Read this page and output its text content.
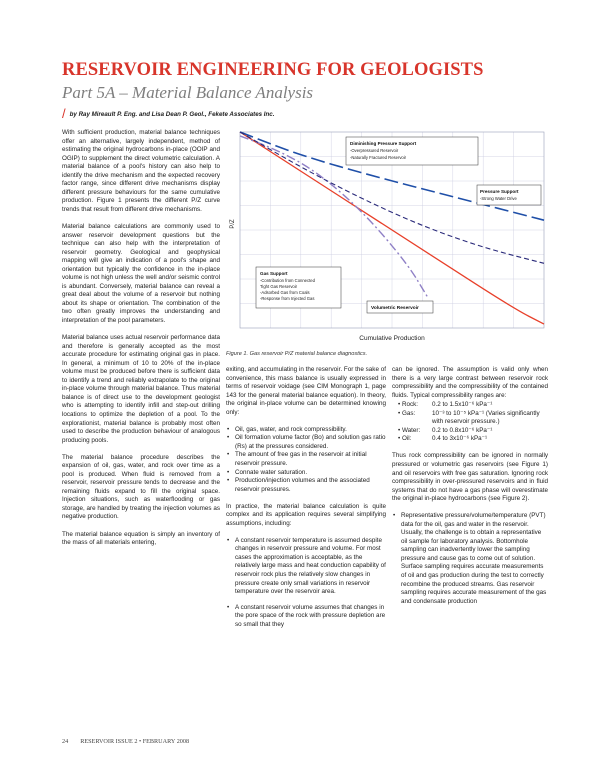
RESERVOIR ENGINEERING FOR GEOLOGISTS
Part 5A – Material Balance Analysis
/ by Ray Mireault P. Eng. and Lisa Dean P. Geol., Fekete Associates Inc.

With sufficient production, material balance techniques offer an alternative, largely independent, method of estimating the original hydrocarbons in-place (OOIP and OGIP) to supplement the direct volumetric calculation. A material balance of a pool's history can also help to identify the drive mechanism and the expected recovery factor range, since different drive mechanisms display different pressure behaviours for the same cumulative production. Figure 1 presents the different P/Z curve trends that result from different drive mechanisms.

Material balance calculations are commonly used to answer reservoir development questions but the technique can also help with the interpretation of reservoir geometry. Geological and geophysical mapping will give an indication of a pool's shape and orientation but typically the confidence in the in-place volume is not high unless the well and/or seismic control is abundant. Conversely, material balance can reveal a great deal about the volume of a reservoir but nothing about its shape or orientation. The combination of the two often greatly improves the understanding and interpretation of the pool parameters.

Material balance uses actual reservoir performance data and therefore is generally accepted as the most accurate procedure for estimating original gas in place. In general, a minimum of 10 to 20% of the in-place volume must be produced before there is sufficient data to identify a trend and reliably extrapolate to the original in-place volume through material balance. Thus material balance is of direct use to the development geologist who is attempting to identify infill and step-out drilling locations to optimize the depletion of a pool. To the explorationist, material balance is probably most often used to describe the production behaviour of analogous producing pools.

The material balance procedure describes the expansion of oil, gas, water, and rock over time as a pool is produced. When fluid is removed from a reservoir, reservoir pressure tends to decrease and the remaining fluids expand to fill the original space. Injection situations, such as waterflooding or gas storage, are handled by treating the injection volumes as negative production.

The material balance equation is simply an inventory of the mass of all materials entering,

P/Z
Cumulative Production
Diminishing Pressure Support
-Overpressured Reservoir
-Naturally Fractured Reservoir
Pressure Support
-Strong Water Drive
Gas Support
-Contribution from Connected
Tight Gas Reservoir
-Adsorbed Gas from Coals
-Response from Injected Gas
Volumetric Reservoir
Figure 1. Gas reservoir P/Z material balance diagnostics.

exiting, and accumulating in the reservoir. For the sake of convenience, this mass balance is usually expressed in terms of reservoir voidage (see CIM Monograph 1, page 143 for the general material balance equation). In theory, the original in-place volume can be determined knowing only:

• Oil, gas, water, and rock compressibility.
• Oil formation volume factor (Bo) and solution gas ratio (Rs) at the pressures considered.
• The amount of free gas in the reservoir at initial reservoir pressure.
• Connate water saturation.
• Production/injection volumes and the associated reservoir pressures.

In practice, the material balance calculation is quite complex and its application requires several simplifying assumptions, including:

• A constant reservoir temperature is assumed despite changes in reservoir pressure and volume. For most cases the approximation is acceptable, as the relatively large mass and heat conduction capability of reservoir rock plus the relatively slow changes in pressure create only small variations in reservoir temperature over the reservoir area.
• A constant reservoir volume assumes that changes in the pore space of the rock with pressure depletion are so small that they

can be ignored. The assumption is valid only when there is a very large contrast between reservoir rock compressibility and the compressibility of the contained fluids. Typical compressibility ranges are:

• Rock:	0.2 to 1.5x10⁻⁶ kPa⁻¹
• Gas:	10⁻³ to 10⁻⁵ kPa⁻¹ (Varies significantly with reservoir pressure.)
• Water:	0.2 to 0.8x10⁻⁶ kPa⁻¹
• Oil:	0.4 to 3x10⁻⁶ kPa⁻¹

Thus rock compressibility can be ignored in normally pressured or volumetric gas reservoirs (see Figure 1) and oil reservoirs with free gas saturation. Ignoring rock compressibility in over-pressured reservoirs and in fluid systems that do not have a gas phase will overestimate the original in-place hydrocarbons (see Figure 2).

• Representative pressure/volume/temperature (PVT) data for the oil, gas and water in the reservoir. Usually, the challenge is to obtain a representative oil sample for laboratory analysis. Bottomhole sampling can inadvertently lower the sampling pressure and cause gas to come out of solution. Surface sampling requires accurate measurements of oil and gas production during the test to correctly recombine the produced streams. Gas reservoir sampling requires accurate measurement of the gas and condensate production
24 RESERVOIR ISSUE 2 • FEBRUARY 2008
